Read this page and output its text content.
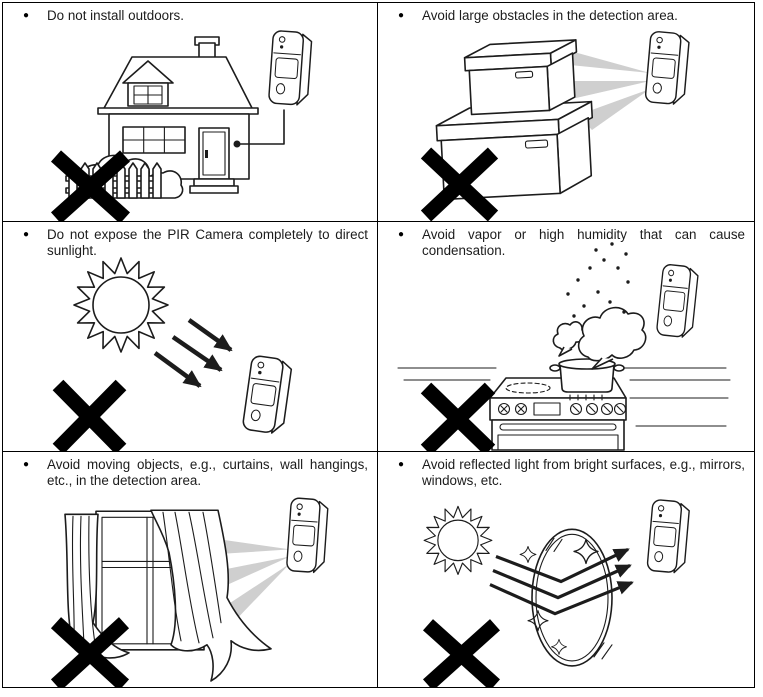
●	Do not install outdoors.	●	Avoid large obstacles in the detection area.

●	Do not expose the PIR Camera completely to direct sunlight.

●	Avoid vapor or high humidity that can cause condensation.

●	Avoid moving objects, e.g., curtains, wall hangings, etc., in the detection area.

●	Avoid reflected light from bright surfaces, e.g., mirrors, windows, etc.
